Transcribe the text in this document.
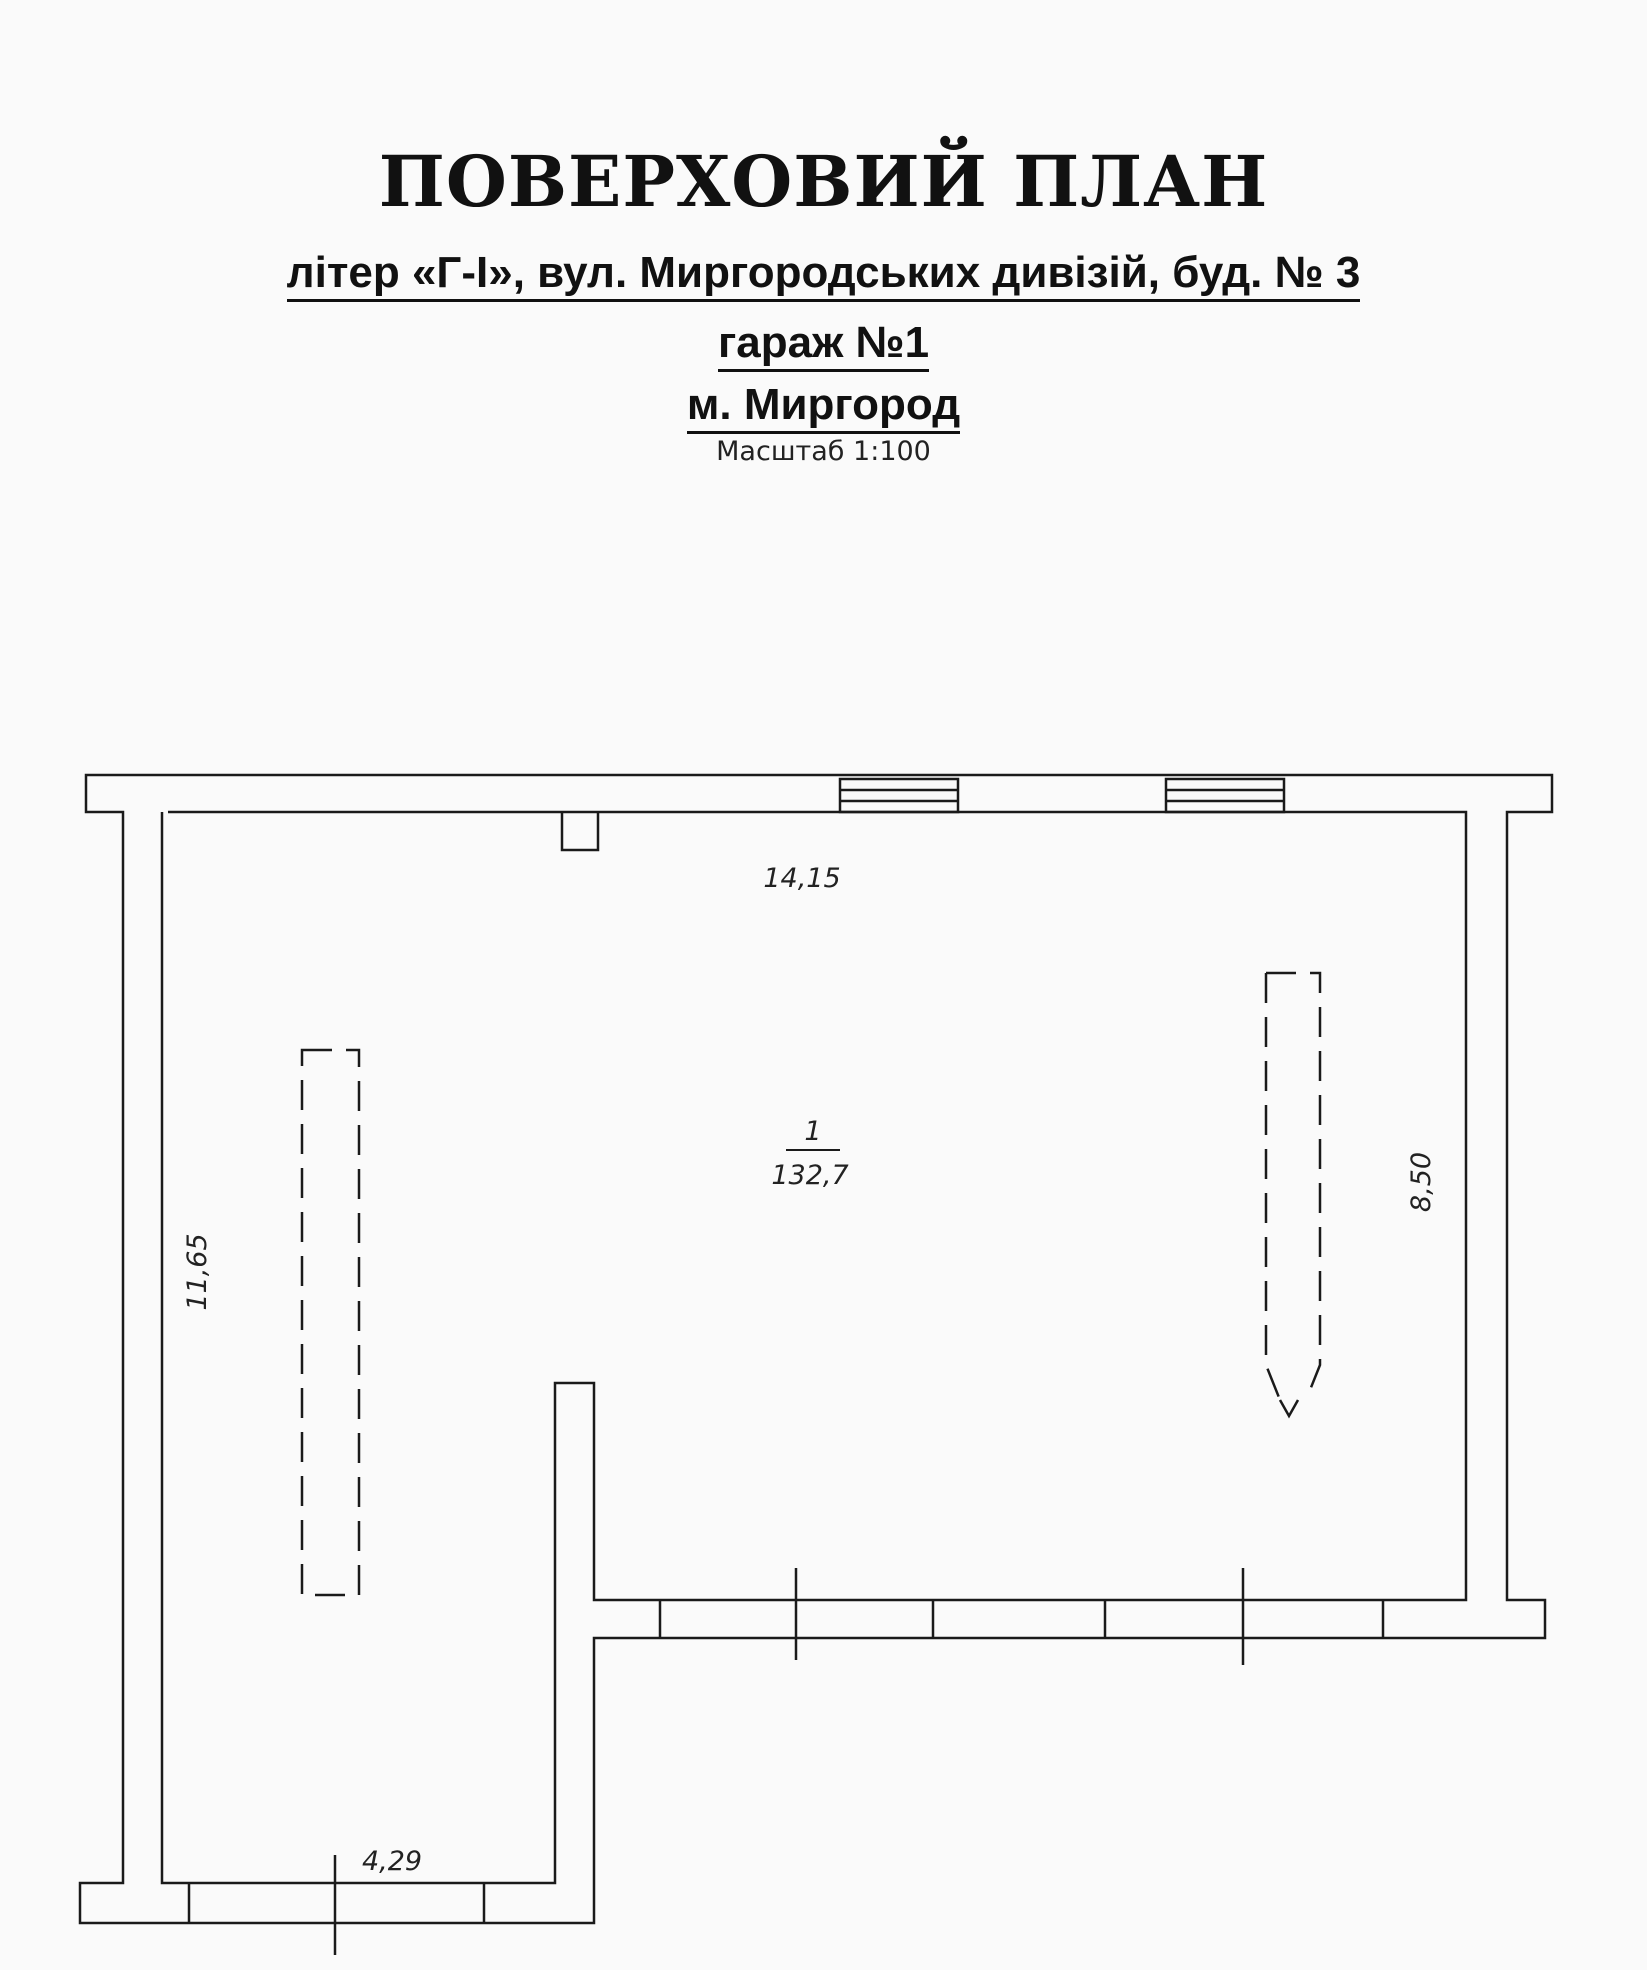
ПОВЕРХОВИЙ ПЛАН
літер «Г-І», вул. Миргородських дивізій, буд. № 3
гараж №1
м. Миргород
Масштаб 1:100
1
132,7
14,15
4,29
11,65
8,50
